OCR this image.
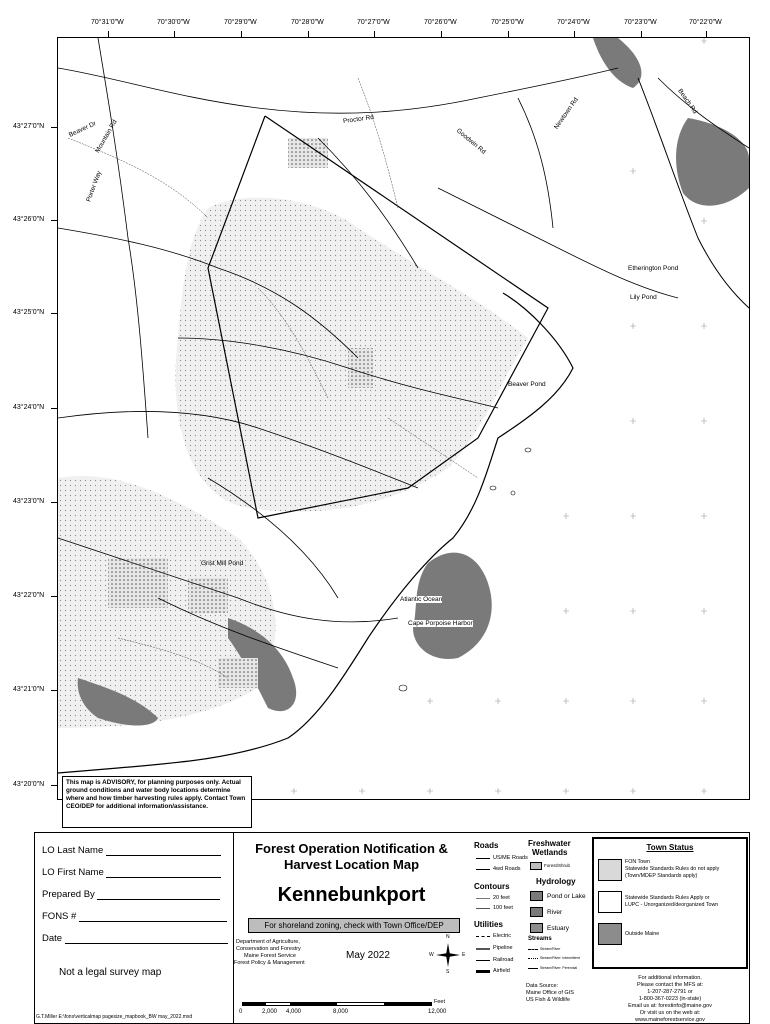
Etherington Pond
Lily Pond
Beaver Pond
Grist Mill Pond
Atlantic Ocean
Cape Porpoise Harbor
Proctor Rd
Beaver Dr
Mountain Rd
Porter Way
Newtown Rd
Goodwin Rd
Beach Rd
This map is ADVISORY, for planning purposes only. Actual ground conditions and water body locations determine where and how timber harvesting rules apply. Contact Town CEO/DEP for additional information/assistance.
70°31'0"W	70°30'0"W	70°29'0"W	70°28'0"W	70°27'0"W	70°26'0"W	70°25'0"W	70°24'0"W	70°23'0"W	70°22'0"W
43°27'0"N
43°26'0"N
43°25'0"N
43°24'0"N
43°23'0"N
43°22'0"N
43°21'0"N
43°20'0"N
LO Last Name
LO First Name
Prepared By
FONS #
Date
Not a legal survey map
G.T.Miller E:\fons\verticalmap pagesize_mapbook_BW may_2022.mxd
Forest Operation Notification &
Harvest Location Map
Kennebunkport
For shoreland zoning, check with Town Office/DEP
Department of Agriculture,
Conservation and Forestry
Maine Forest Service
Forest Policy & Management
May 2022
N
E
W
S
Feet
0	2,000 4,000	8,000	12,000
Roads
US/ME Roads
4wd Roads
Contours
20 feet
100 feet
Utilities
Electric
Pipeline
Railroad
Airfield
Freshwater
Wetlands
Forest/Shrub
Hydrology
Pond or Lake
River
Estuary
Streams
Stream/River
Stream/River: Intermittent
Stream/River: Perennial
Data Source:
Maine Office of GIS
US Fish & Wildlife
Town Status
FON Town
Statewide Standards Rules do not apply
(Town/MDEP Standards apply)
Statewide Standards Rules Apply or
LUPC - Unorganized/deorganized Town
Outside Maine
For additional information,
Please contact the MFS at:
1-207-287-2791 or
1-800-367-0223 (in-state)
Email us at: forestinfo@maine.gov
Or visit us on the web at:
www.maineforestservice.gov
